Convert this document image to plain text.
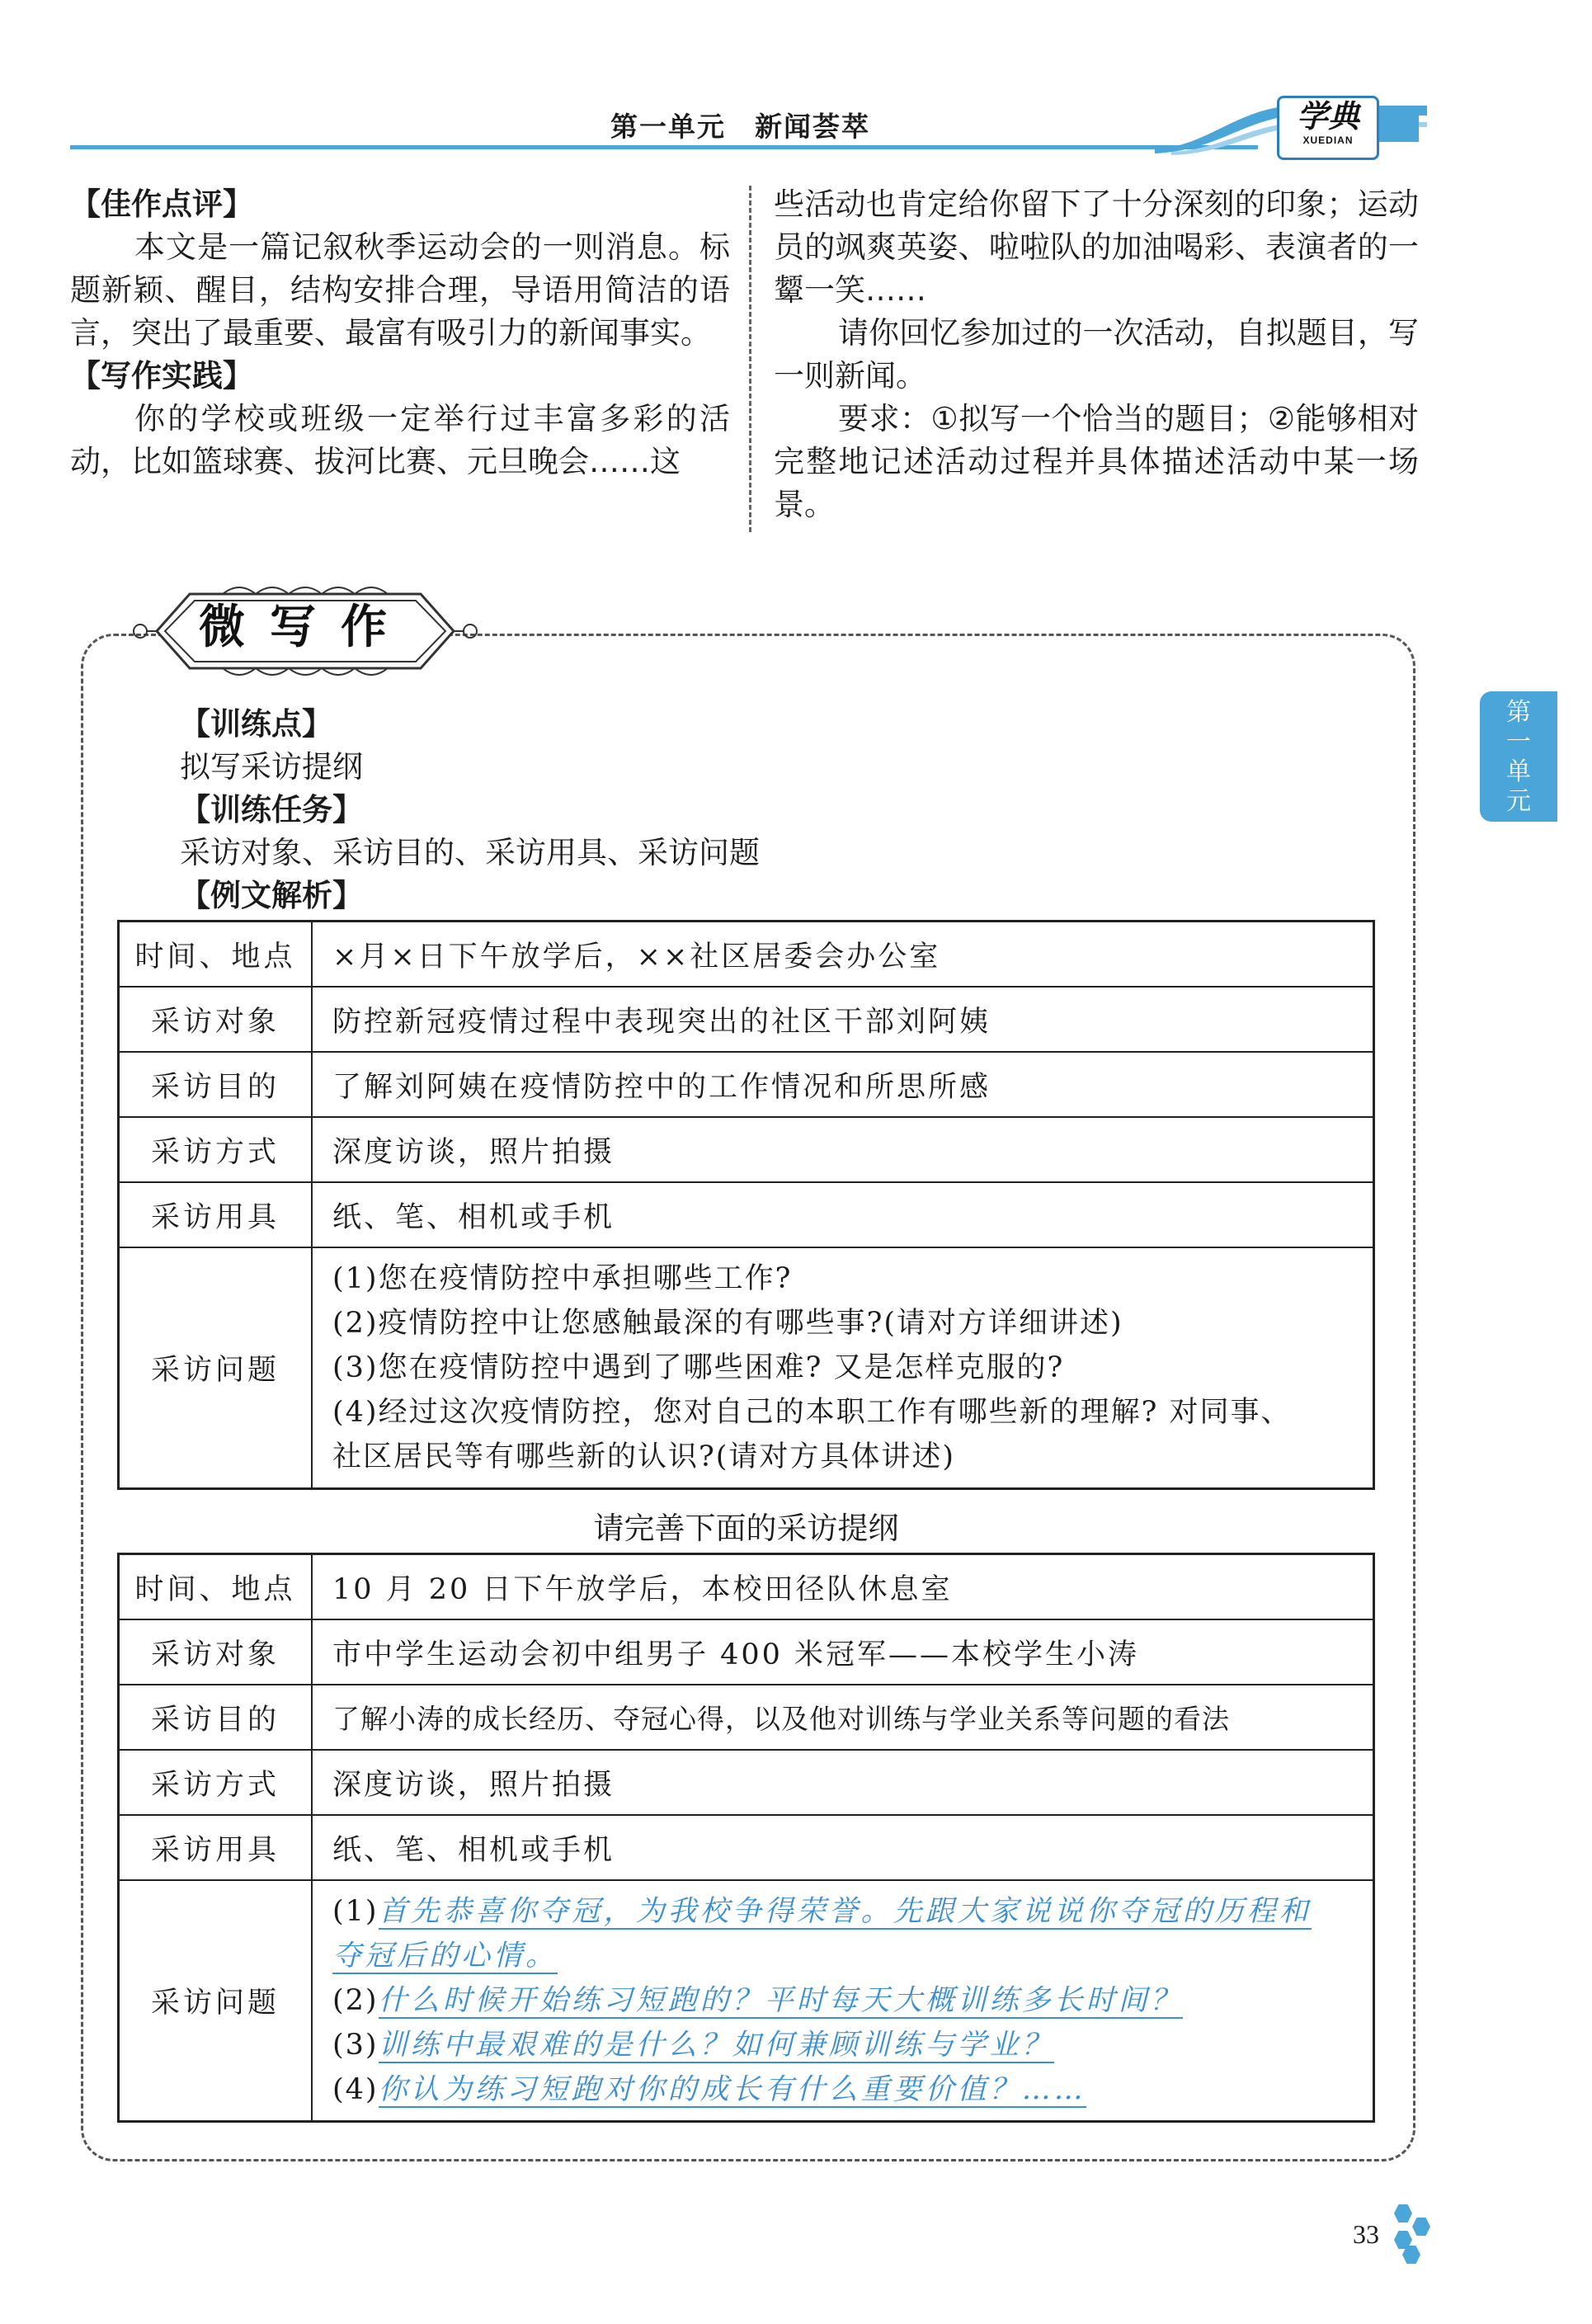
第一单元　新闻荟萃	学典
XUEDIAN

【佳作点评】

本文是一篇记叙秋季运动会的一则消息。标题新颖、醒目，结构安排合理，导语用简洁的语言，突出了最重要、最富有吸引力的新闻事实。

【写作实践】

你的学校或班级一定举行过丰富多彩的活动，比如篮球赛、拔河比赛、元旦晚会……这

些活动也肯定给你留下了十分深刻的印象；运动员的飒爽英姿、啦啦队的加油喝彩、表演者的一颦一笑……

请你回忆参加过的一次活动，自拟题目，写一则新闻。

要求：①拟写一个恰当的题目；②能够相对完整地记述活动过程并具体描述活动中某一场景。

微写作
【训练点】
拟写采访提纲
【训练任务】
采访对象、采访目的、采访用具、采访问题
【例文解析】
时间、地点	×月×日下午放学后，××社区居委会办公室
采访对象	防控新冠疫情过程中表现突出的社区干部刘阿姨
采访目的	了解刘阿姨在疫情防控中的工作情况和所思所感
采访方式	深度访谈，照片拍摄
采访用具	纸、笔、相机或手机
采访问题	(1)您在疫情防控中承担哪些工作?
(2)疫情防控中让您感触最深的有哪些事?(请对方详细讲述)
(3)您在疫情防控中遇到了哪些困难? 又是怎样克服的?
(4)经过这次疫情防控，您对自己的本职工作有哪些新的理解? 对同事、
社区居民等有哪些新的认识?(请对方具体讲述)
请完善下面的采访提纲
时间、地点	10 月 20 日下午放学后，本校田径队休息室
采访对象	市中学生运动会初中组男子 400 米冠军——本校学生小涛
采访目的	了解小涛的成长经历、夺冠心得，以及他对训练与学业关系等问题的看法
采访方式	深度访谈，照片拍摄
采访用具	纸、笔、相机或手机
采访问题	(1)首先恭喜你夺冠，为我校争得荣誉。先跟大家说说你夺冠的历程和
夺冠后的心情。
(2)什么时候开始练习短跑的？平时每天大概训练多长时间？
(3)训练中最艰难的是什么？如何兼顾训练与学业？
(4)你认为练习短跑对你的成长有什么重要价值？……
第
一
单
元
33
